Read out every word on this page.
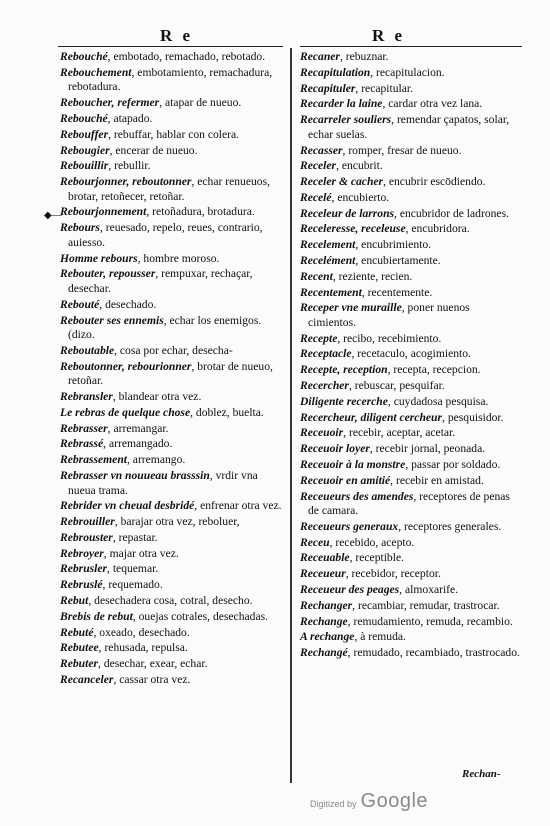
R e	R e
◆—
Rebouché, embotado, remachado, rebotado.
Rebouchement, embotamiento, remachadura, rebotadura.
Reboucher, refermer, atapar de nueuo.
Rebouché, atapado.
Rebouffer, rebuffar, hablar con colera.
Rebougier, encerar de nueuo.
Rebouillir, rebullir.
Rebourjonner, reboutonner, echar renueuos, brotar, retoñecer, retoñar.
Rebourjonnement, retoñadura, brotadura.
Rebours, reuesado, repelo, reues, contrario, auiesso.
Homme rebours, hombre moroso.
Rebouter, repousser, rempuxar, rechaçar, desechar.
Rebouté, desechado.
Rebouter ses ennemis, echar los enemigos. (dizo.
Reboutable, cosa por echar, desecha-
Reboutonner, rebourionner, brotar de nueuo, retoñar.
Rebransler, blandear otra vez.
Le rebras de quelque chose, doblez, buelta.
Rebrasser, arremangar.
Rebrassé, arremangado.
Rebrassement, arremango.
Rebrasser vn nouueau brasssin, vrdir vna nueua trama.
Rebrider vn cheual desbridé, enfrenar otra vez.
Rebrouiller, barajar otra vez, reboluer,
Rebrouster, repastar.
Rebroyer, majar otra vez.
Rebrusler, tequemar.
Rebruslé, requemado.
Rebut, desechadera cosa, cotral, desecho.
Brebis de rebut, ouejas cotrales, desechadas.
Rebuté, oxeado, desechado.
Rebutee, rehusada, repulsa.
Rebuter, desechar, exear, echar.
Recanceler, cassar otra vez.
Recaner, rebuznar.
Recapitulation, recapitulacion.
Recapituler, recapitular.
Recarder la laine, cardar otra vez lana.
Recarreler souliers, remendar çapatos, solar, echar suelas.
Recasser, romper, fresar de nueuo.
Receler, encubrit.
Receler & cacher, encubrir escōdiendo.
Recelé, encubierto.
Receleur de larrons, encubridor de ladrones.
Receleresse, receleuse, encubridora.
Recelement, encubrimiento.
Recelément, encubiertamente.
Recent, reziente, recien.
Recentement, recentemente.
Receper vne muraille, poner nuenos cimientos.
Recepte, recibo, recebimiento.
Receptacle, recetaculo, acogimiento.
Recepte, reception, recepta, recepcion.
Recercher, rebuscar, pesquifar.
Diligente recerche, cuydadosa pesquisa.
Recercheur, diligent cercheur, pesquisidor.
Receuoir, recebir, aceptar, acetar.
Receuoir loyer, recebir jornal, peonada.
Receuoir à la monstre, passar por soldado.
Receuoir en amitié, recebir en amistad.
Receueurs des amendes, receptores de penas de camara.
Receueurs generaux, receptores generales.
Receu, recebido, acepto.
Receuable, receptible.
Receueur, recebidor, receptor.
Receueur des peages, almoxarife.
Rechanger, recambiar, remudar, trastrocar.
Rechange, remudamiento, remuda, recambio.
A rechange, à remuda.
Rechangé, remudado, recambiado, trastrocado.
Rechan-
Digitized by Google
